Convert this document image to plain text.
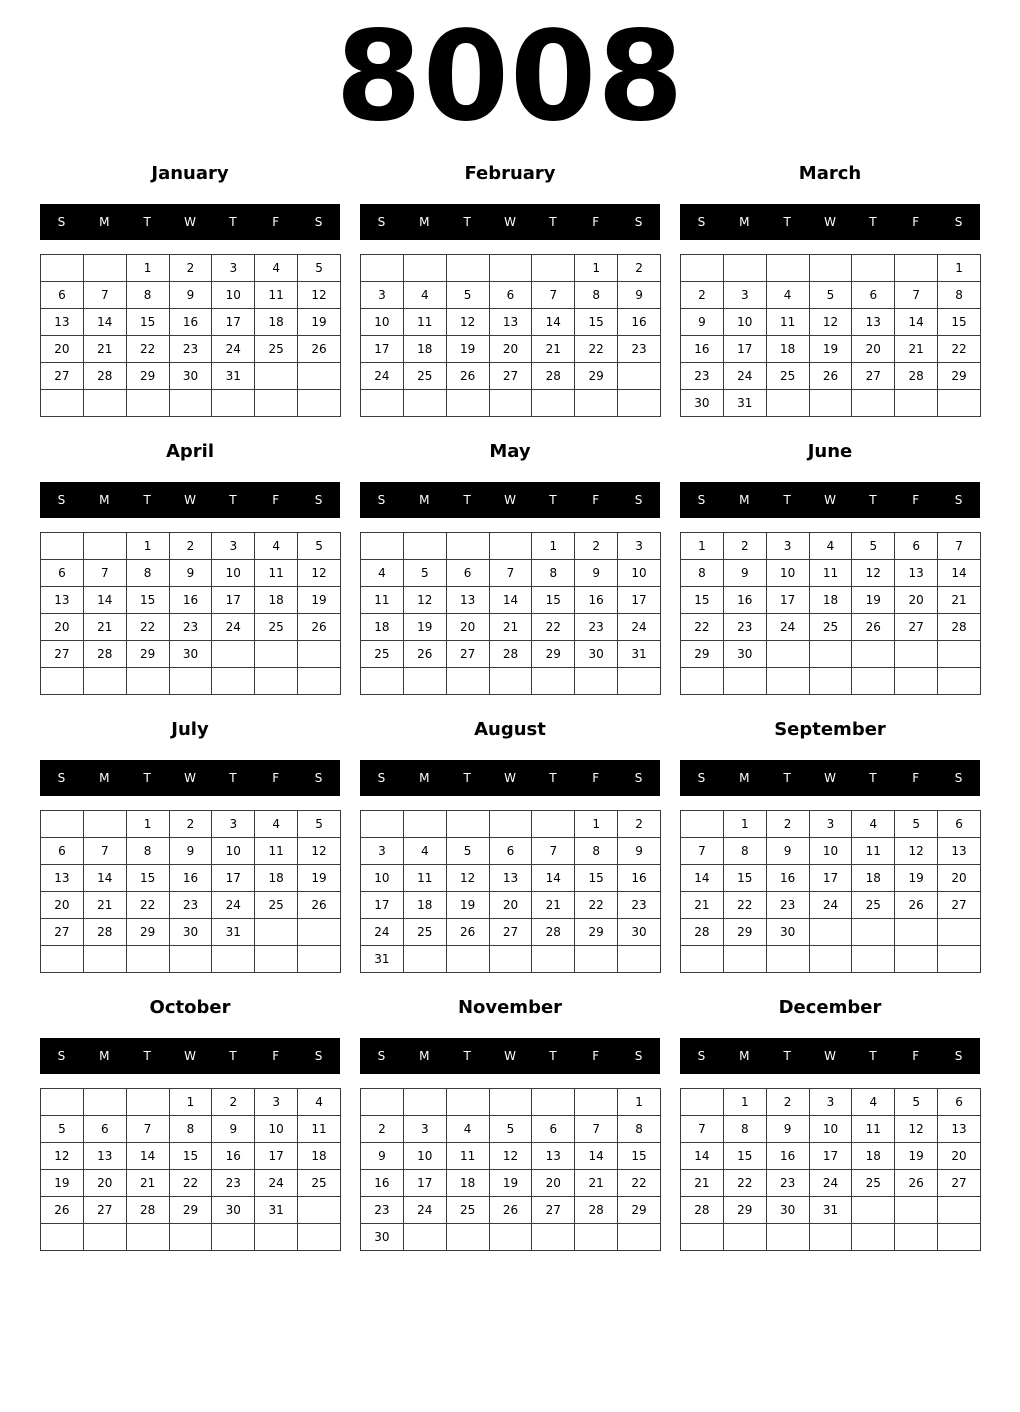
8008
January
S	M	T	W	T	F	S
		1	2	3	4	5
6	7	8	9	10	11	12
13	14	15	16	17	18	19
20	21	22	23	24	25	26
27	28	29	30	31		

February
S	M	T	W	T	F	S
					1	2
3	4	5	6	7	8	9
10	11	12	13	14	15	16
17	18	19	20	21	22	23
24	25	26	27	28	29	

March
S	M	T	W	T	F	S
						1
2	3	4	5	6	7	8
9	10	11	12	13	14	15
16	17	18	19	20	21	22
23	24	25	26	27	28	29
30	31					
April
S	M	T	W	T	F	S
		1	2	3	4	5
6	7	8	9	10	11	12
13	14	15	16	17	18	19
20	21	22	23	24	25	26
27	28	29	30			

May
S	M	T	W	T	F	S
				1	2	3
4	5	6	7	8	9	10
11	12	13	14	15	16	17
18	19	20	21	22	23	24
25	26	27	28	29	30	31

June
S	M	T	W	T	F	S
1	2	3	4	5	6	7
8	9	10	11	12	13	14
15	16	17	18	19	20	21
22	23	24	25	26	27	28
29	30					

July
S	M	T	W	T	F	S
		1	2	3	4	5
6	7	8	9	10	11	12
13	14	15	16	17	18	19
20	21	22	23	24	25	26
27	28	29	30	31		

August
S	M	T	W	T	F	S
					1	2
3	4	5	6	7	8	9
10	11	12	13	14	15	16
17	18	19	20	21	22	23
24	25	26	27	28	29	30
31						
September
S	M	T	W	T	F	S
	1	2	3	4	5	6
7	8	9	10	11	12	13
14	15	16	17	18	19	20
21	22	23	24	25	26	27
28	29	30				

October
S	M	T	W	T	F	S
			1	2	3	4
5	6	7	8	9	10	11
12	13	14	15	16	17	18
19	20	21	22	23	24	25
26	27	28	29	30	31	

November
S	M	T	W	T	F	S
						1
2	3	4	5	6	7	8
9	10	11	12	13	14	15
16	17	18	19	20	21	22
23	24	25	26	27	28	29
30						
December
S	M	T	W	T	F	S
	1	2	3	4	5	6
7	8	9	10	11	12	13
14	15	16	17	18	19	20
21	22	23	24	25	26	27
28	29	30	31			
